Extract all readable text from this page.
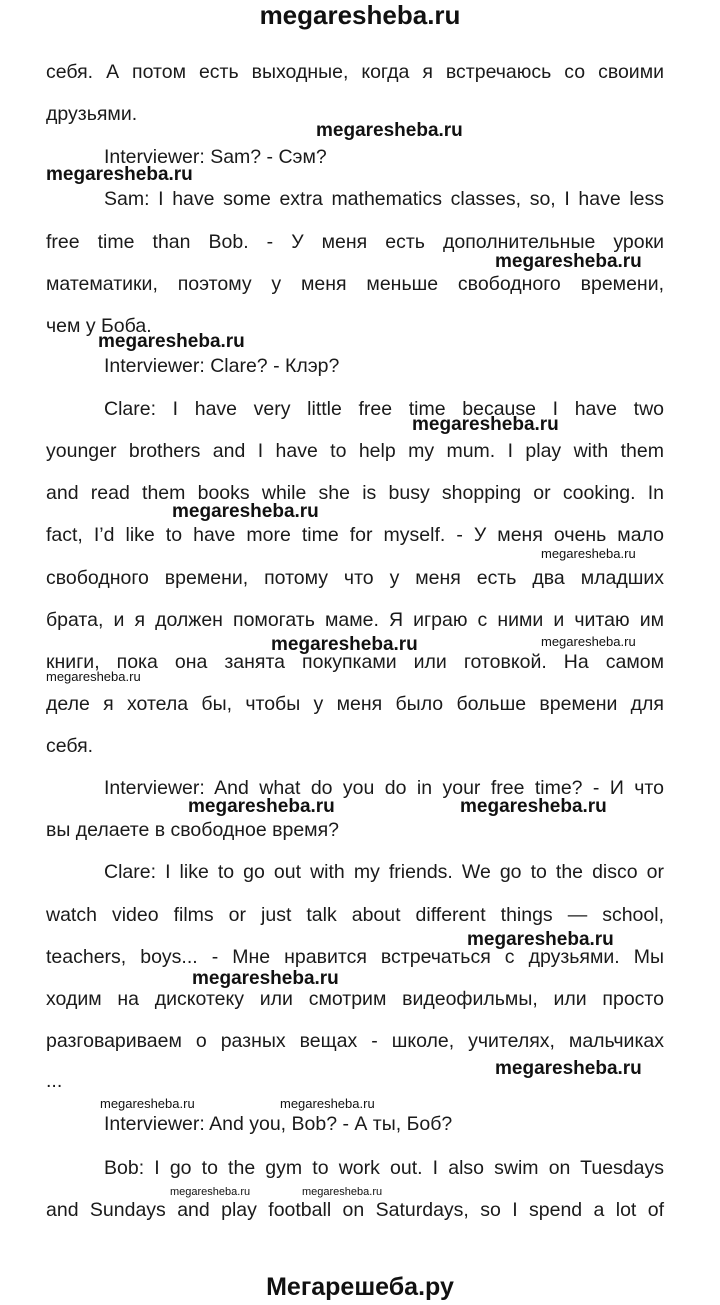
megaresheba.ru
себя. А потом есть выходные, когда я встречаюсь со своими
друзьями.
Interviewer: Sam? - Сэм?
Sam: I have some extra mathematics classes, so, I have less
free time than Bob. - У меня есть дополнительные уроки
математики, поэтому у меня меньше свободного времени,
чем у Боба.
Interviewer: Clare? - Клэр?
Clare: I have very little free time because I have two
younger brothers and I have to help my mum. I play with them
and read them books while she is busy shopping or cooking. In
fact, I’d like to have more time for myself. - У меня очень мало
свободного времени, потому что у меня есть два младших
брата, и я должен помогать маме. Я играю с ними и читаю им
книги, пока она занята покупками или готовкой. На самом
деле я хотела бы, чтобы у меня было больше времени для
себя.
Interviewer: And what do you do in your free time? - И что
вы делаете в свободное время?
Clare: I like to go out with my friends. We go to the disco or
watch video films or just talk about different things — school,
teachers, boys... - Мне нравится встречаться с друзьями. Мы
ходим на дискотеку или смотрим видеофильмы, или просто
разговариваем о разных вещах - школе, учителях, мальчиках
...
Interviewer: And you, Bob? - А ты, Боб?
Bob: I go to the gym to work out. I also swim on Tuesdays
and Sundays and play football on Saturdays, so I spend a lot of
megaresheba.ru
megaresheba.ru
megaresheba.ru
megaresheba.ru
megaresheba.ru
megaresheba.ru
megaresheba.ru
megaresheba.ru	megaresheba.ru
megaresheba.ru
megaresheba.ru	megaresheba.ru
megaresheba.ru
megaresheba.ru
megaresheba.ru
megaresheba.ru	megaresheba.ru
megaresheba.ru	megaresheba.ru
Мегарешеба.ру
